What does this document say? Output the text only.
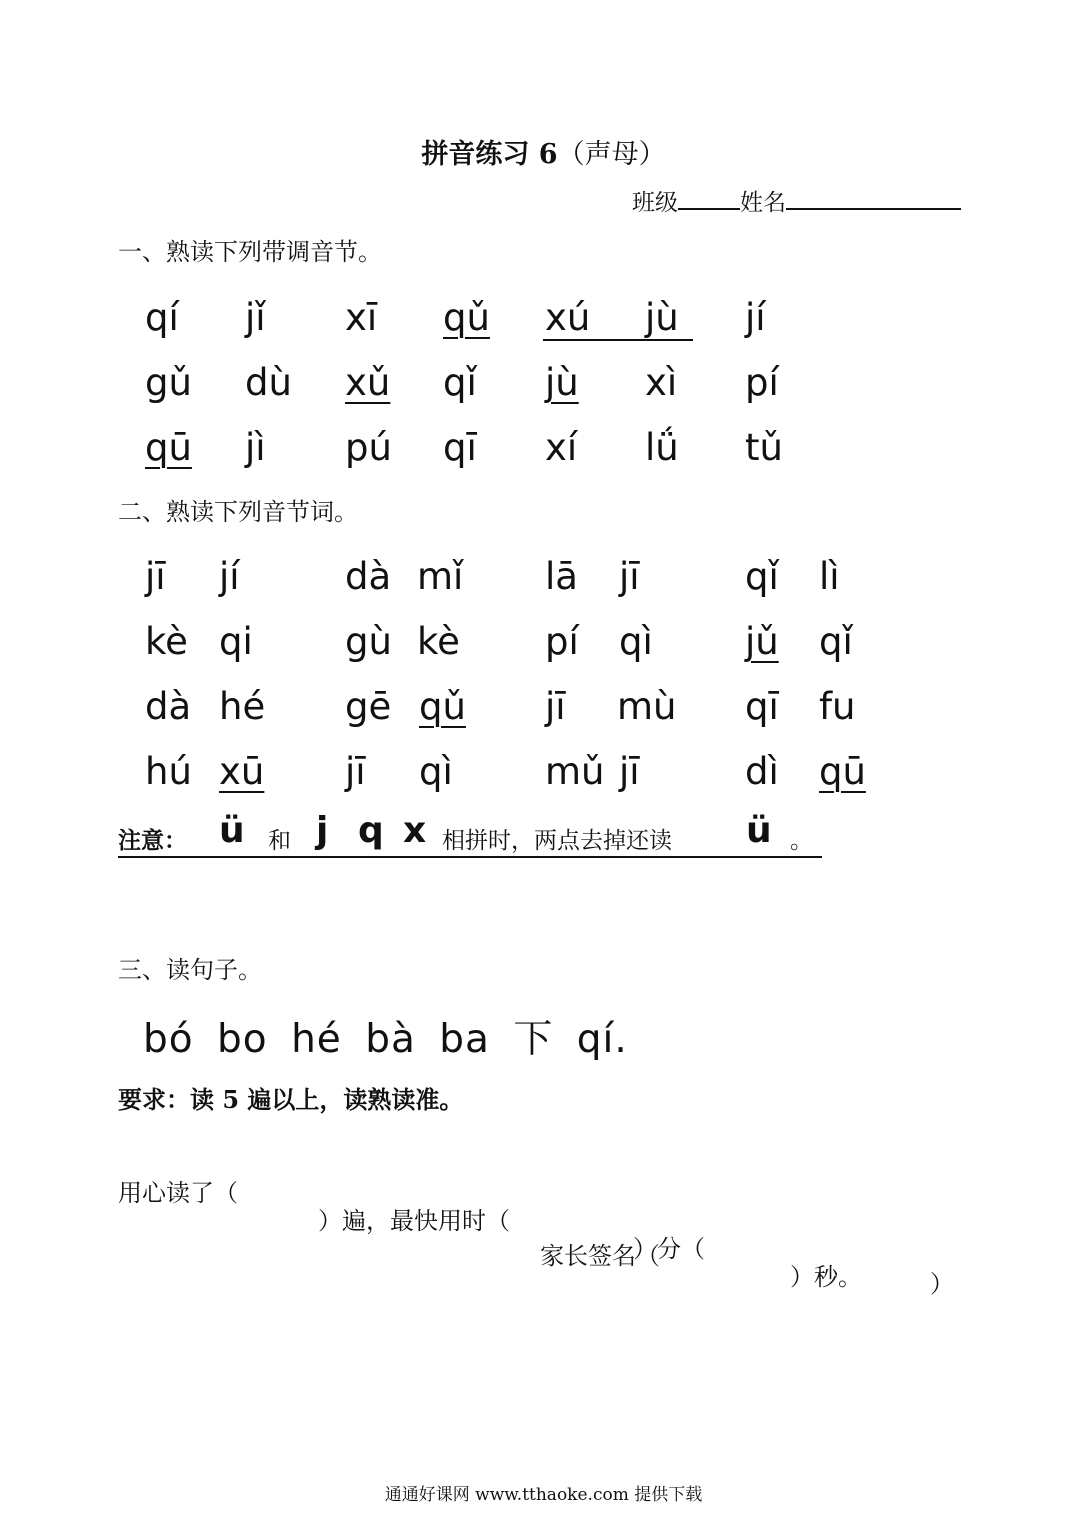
拼音练习 6（声母）
班级	姓名
一、熟读下列带调音节。
qí jǐ xī qǔ xú jù jí
gǔ dù xǔ qǐ jù xì pí
qū jì pú qī xí lǘ tǔ
二、熟读下列音节词。
jī jí	dà mǐ lā jī	qǐ lì
kè qi gù kè pí qì jǔ qǐ
dà hé gē qǔ jī mù qī fu
hú xū jī qì mǔ jī	dì qū
注意： ü 和 j q x 相拼时，两点去掉还读 ü 。
三、读句子。
bó bo hé bà ba 下 qí.
要求：读 5 遍以上，读熟读准。

用心读了（

）遍，最快用时（

）分（

）秒。

家长签名（

）

通通好课网 www.tthaoke.com 提供下载
